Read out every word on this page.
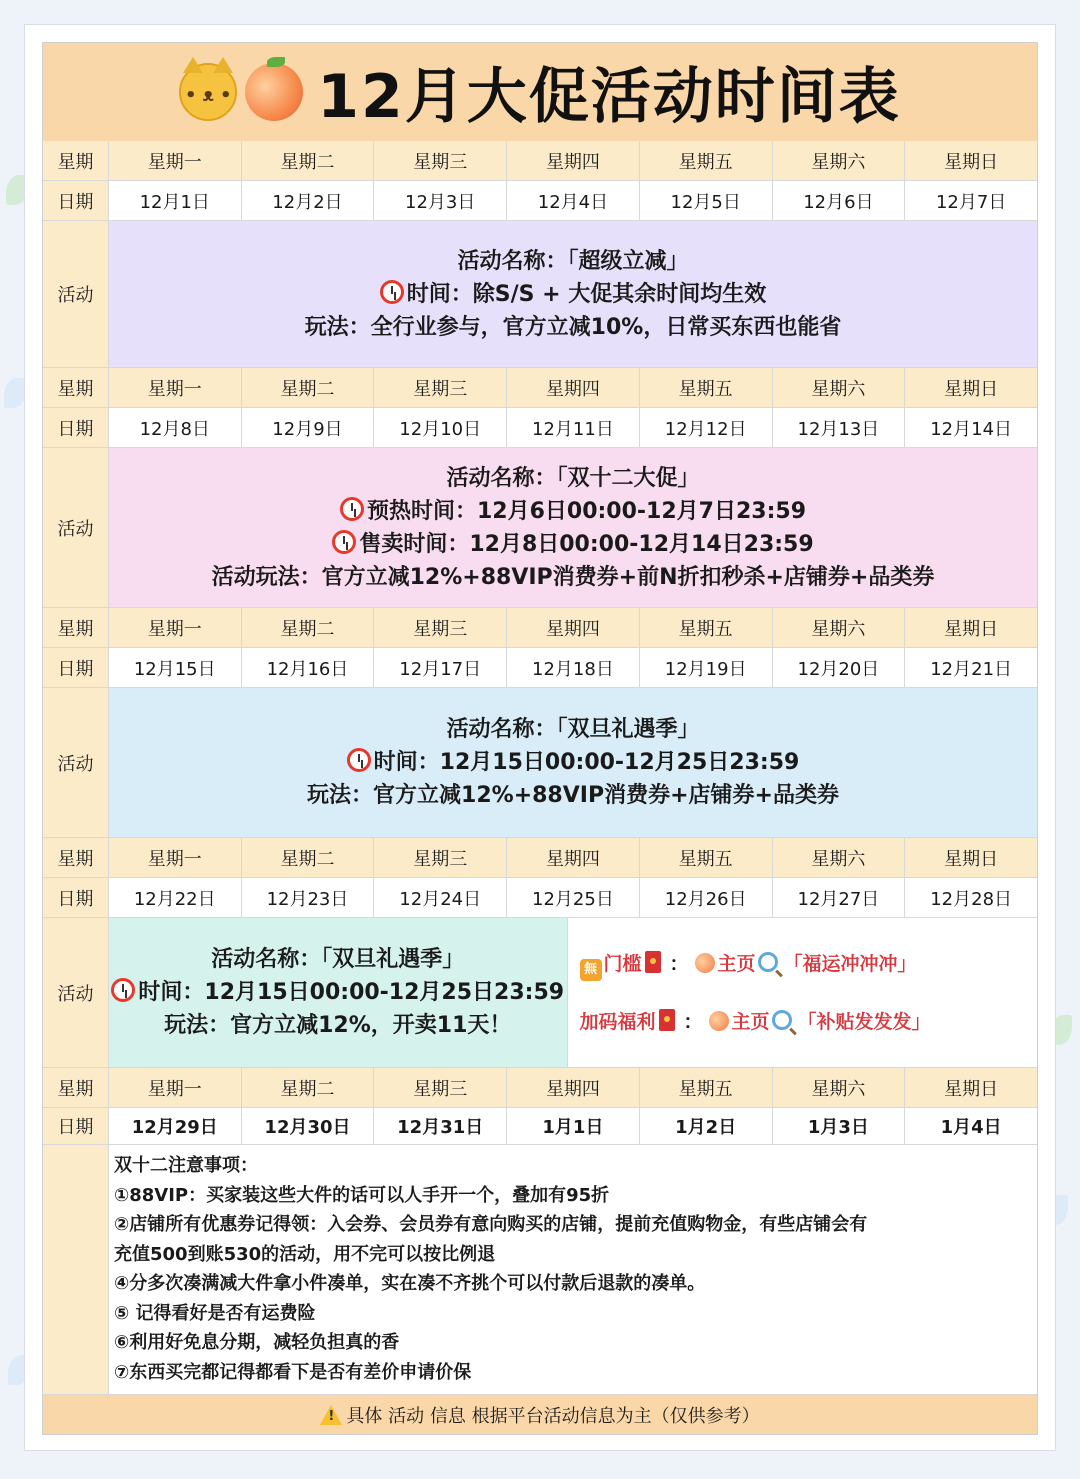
• ᴥ • 12月大促活动时间表
星期	星期一	星期二	星期三	星期四	星期五	星期六	星期日
日期	12月1日	12月2日	12月3日	12月4日	12月5日	12月6日	12月7日
活动
活动名称：「超级立减」
时间：除S/S + 大促其余时间均生效
玩法：全行业参与，官方立减10%，日常买东西也能省
星期	星期一	星期二	星期三	星期四	星期五	星期六	星期日
日期	12月8日	12月9日	12月10日	12月11日	12月12日	12月13日	12月14日
活动
活动名称：「双十二大促」
预热时间：12月6日00:00-12月7日23:59
售卖时间：12月8日00:00-12月14日23:59
活动玩法：官方立减12%+88VIP消费券+前N折扣秒杀+店铺券+品类券
星期	星期一	星期二	星期三	星期四	星期五	星期六	星期日
日期	12月15日	12月16日	12月17日	12月18日	12月19日	12月20日	12月21日
活动
活动名称：「双旦礼遇季」
时间：12月15日00:00-12月25日23:59
玩法：官方立减12%+88VIP消费券+店铺券+品类券
星期	星期一	星期二	星期三	星期四	星期五	星期六	星期日
日期	12月22日	12月23日	12月24日	12月25日	12月26日	12月27日	12月28日
活动
活动名称：「双旦礼遇季」
时间：12月15日00:00-12月25日23:59
玩法：官方立减12%，开卖11天！
無 门槛 ： 主页 「福运冲冲冲」
加码福利 ： 主页 「补贴发发发」
星期	星期一	星期二	星期三	星期四	星期五	星期六	星期日
日期	12月29日	12月30日	12月31日	1月1日	1月2日	1月3日	1月4日
双十二注意事项：
①88VIP：买家装这些大件的话可以人手开一个，叠加有95折
②店铺所有优惠券记得领：入会券、会员券有意向购买的店铺，提前充值购物金，有些店铺会有
充值500到账530的活动，用不完可以按比例退
④分多次凑满减大件拿小件凑单，实在凑不齐挑个可以付款后退款的凑单。
⑤ 记得看好是否有运费险
⑥利用好免息分期，减轻负担真的香
⑦东西买完都记得都看下是否有差价申请价保
!
具体 活动 信息 根据平台活动信息为主（仅供参考）
